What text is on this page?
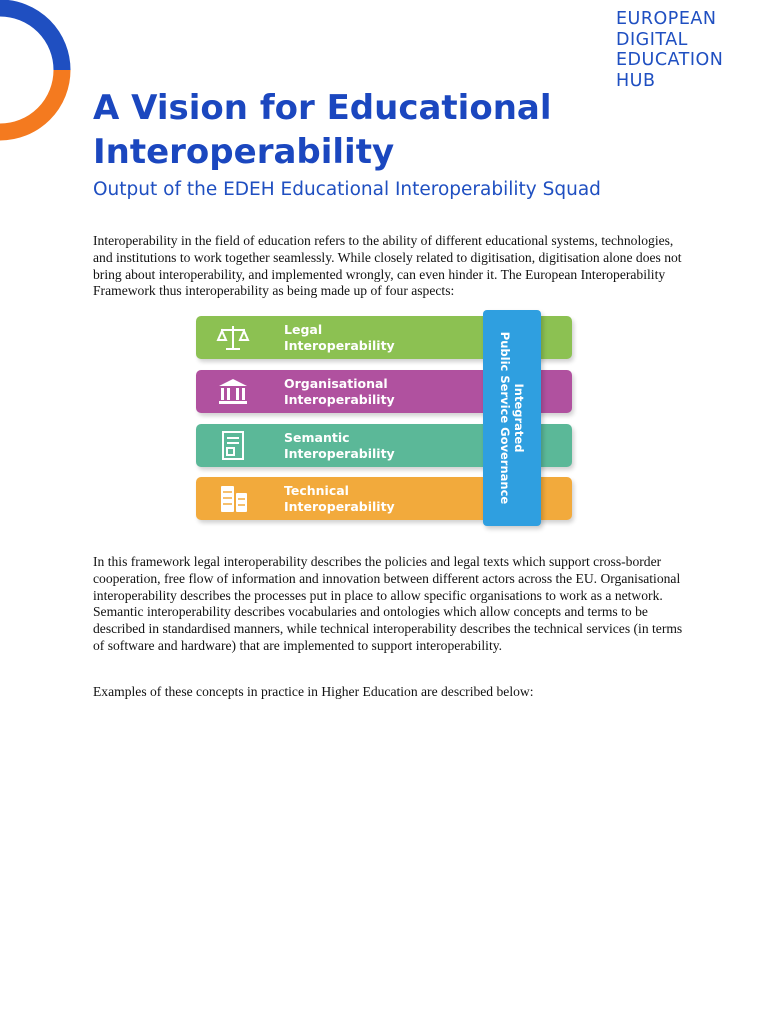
EUROPEAN
DIGITAL
EDUCATION
HUB
A Vision for Educational Interoperability
Output of the EDEH Educational Interoperability Squad

Interoperability in the field of education refers to the ability of different educational systems, technologies, and institutions to work together seamlessly. While closely related to digitisation, digitisation alone does not bring about interoperability, and implemented wrongly, can even hinder it. The European Interoperability Framework thus interoperability as being made up of four aspects:

Legal
Interoperability
Organisational
Interoperability
Semantic
Interoperability
Technical
Interoperability
Integrated
Public Service Governance

In this framework legal interoperability describes the policies and legal texts which support cross-border cooperation, free flow of information and innovation between different actors across the EU. Organisational interoperability describes the processes put in place to allow specific organisations to work as a network. Semantic interoperability describes vocabularies and ontologies which allow concepts and terms to be described in standardised manners, while technical interoperability describes the technical services (in terms of software and hardware) that are implemented to support interoperability.

Examples of these concepts in practice in Higher Education are described below:
